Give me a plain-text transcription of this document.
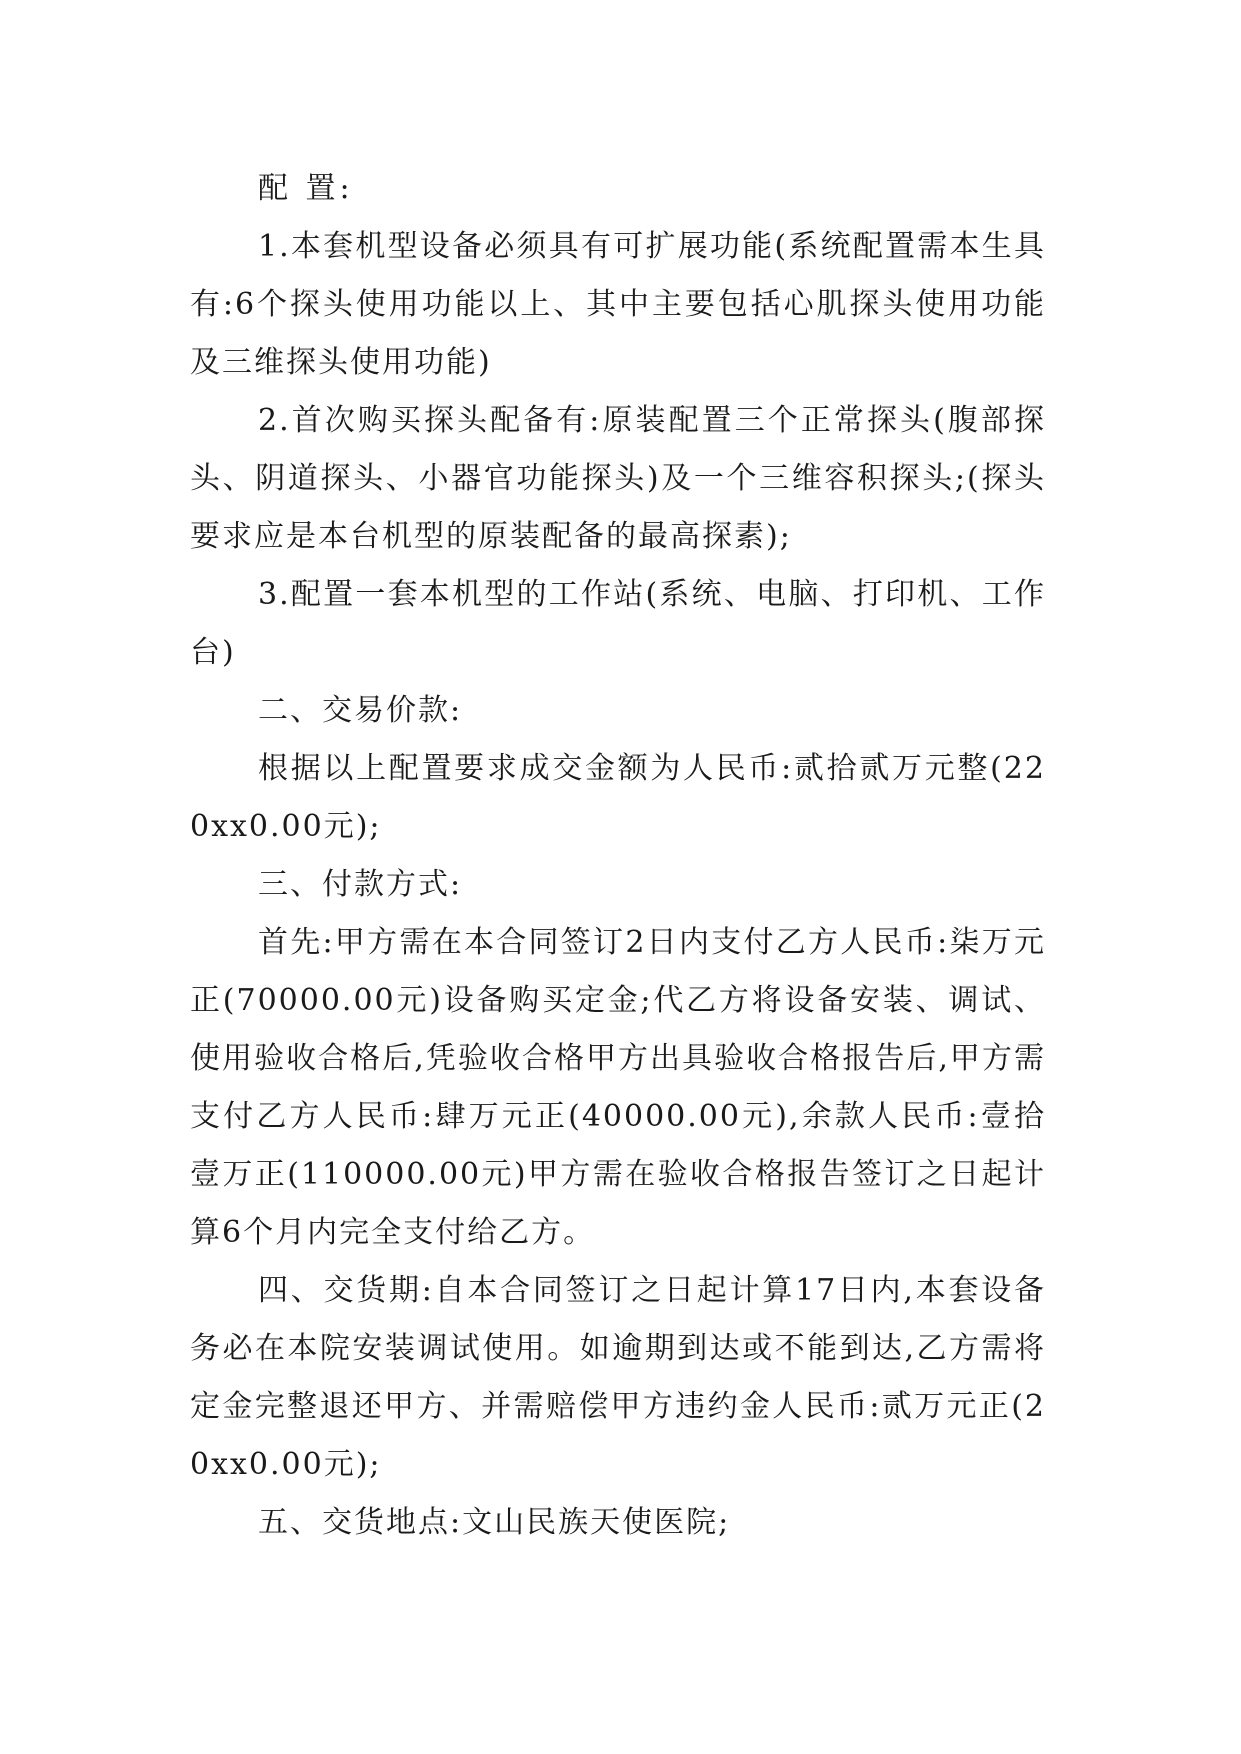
配 置:

1.本套机型设备必须具有可扩展功能(系统配置需本生具有:6个探头使用功能以上、其中主要包括心肌探头使用功能及三维探头使用功能)

2.首次购买探头配备有:原装配置三个正常探头(腹部探头、阴道探头、小器官功能探头)及一个三维容积探头;(探头要求应是本台机型的原装配备的最高探素);

3.配置一套本机型的工作站(系统、电脑、打印机、工作台)

二、交易价款:

根据以上配置要求成交金额为人民币:贰拾贰万元整(220xx0.00元);

三、付款方式:

首先:甲方需在本合同签订2日内支付乙方人民币:柒万元正(70000.00元)设备购买定金;代乙方将设备安装、调试、使用验收合格后,凭验收合格甲方出具验收合格报告后,甲方需支付乙方人民币:肆万元正(40000.00元),余款人民币:壹拾壹万正(110000.00元)甲方需在验收合格报告签订之日起计算6个月内完全支付给乙方。

四、交货期:自本合同签订之日起计算17日内,本套设备务必在本院安装调试使用。如逾期到达或不能到达,乙方需将定金完整退还甲方、并需赔偿甲方违约金人民币:贰万元正(20xx0.00元);

五、交货地点:文山民族天使医院;
